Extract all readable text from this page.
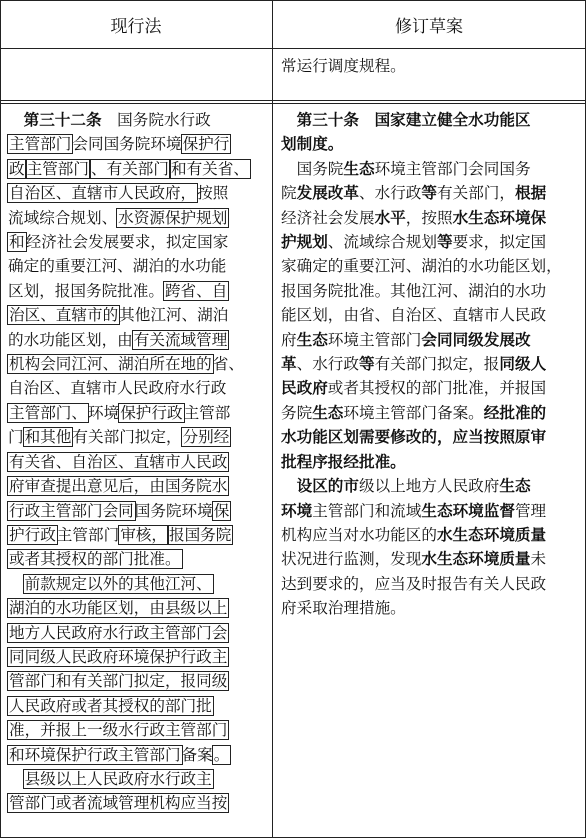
现行法	修订草案
常运行调度规程。
　第三十二条　国务院水行政
主管部门会同国务院环境保护行
政 主管部门 、有关部门 和有关省、
自治区、直辖市人民政府，按照
流域综合规划、水资源保护规划
和经济社会发展要求，拟定国家
确定的重要江河、湖泊的水功能
区划，报国务院批准。跨省、自
治区、直辖市的其他江河、湖泊
的水功能区划，由有关流域管理
机构会同江河、湖泊所在地的省、
自治区、直辖市人民政府水行政
主管部门、环境保护行政主管部
门和其他有关部门拟定，分别经
有关省、自治区、直辖市人民政
府审查提出意见后，由国务院水
行政主管部门会同国务院环境保
护行政主管部门审核， 报国务院
或者其授权的部门批准。
　前款规定以外的其他江河、
湖泊的水功能区划，由县级以上
地方人民政府水行政主管部门会
同同级人民政府环境保护行政主
管部门和有关部门拟定，报同级
人民政府或者其授权的部门批
准，并报上一级水行政主管部门
和环境保护行政主管部门备案。
　县级以上人民政府水行政主
管部门或者流域管理机构应当按
　第三十条　国家建立健全水功能区
划制度。
　国务院生态环境主管部门会同国务
院发展改革、水行政等有关部门，根据
经济社会发展水平，按照水生态环境保
护规划、流域综合规划等要求，拟定国
家确定的重要江河、湖泊的水功能区划，
报国务院批准。其他江河、湖泊的水功
能区划，由省、自治区、直辖市人民政
府生态环境主管部门会同同级发展改
革、水行政等有关部门拟定，报同级人
民政府或者其授权的部门批准，并报国
务院生态环境主管部门备案。经批准的
水功能区划需要修改的，应当按照原审
批程序报经批准。
　设区的市级以上地方人民政府生态
环境主管部门和流域生态环境监督管理
机构应当对水功能区的水生态环境质量
状况进行监测，发现水生态环境质量未
达到要求的，应当及时报告有关人民政
府采取治理措施。
